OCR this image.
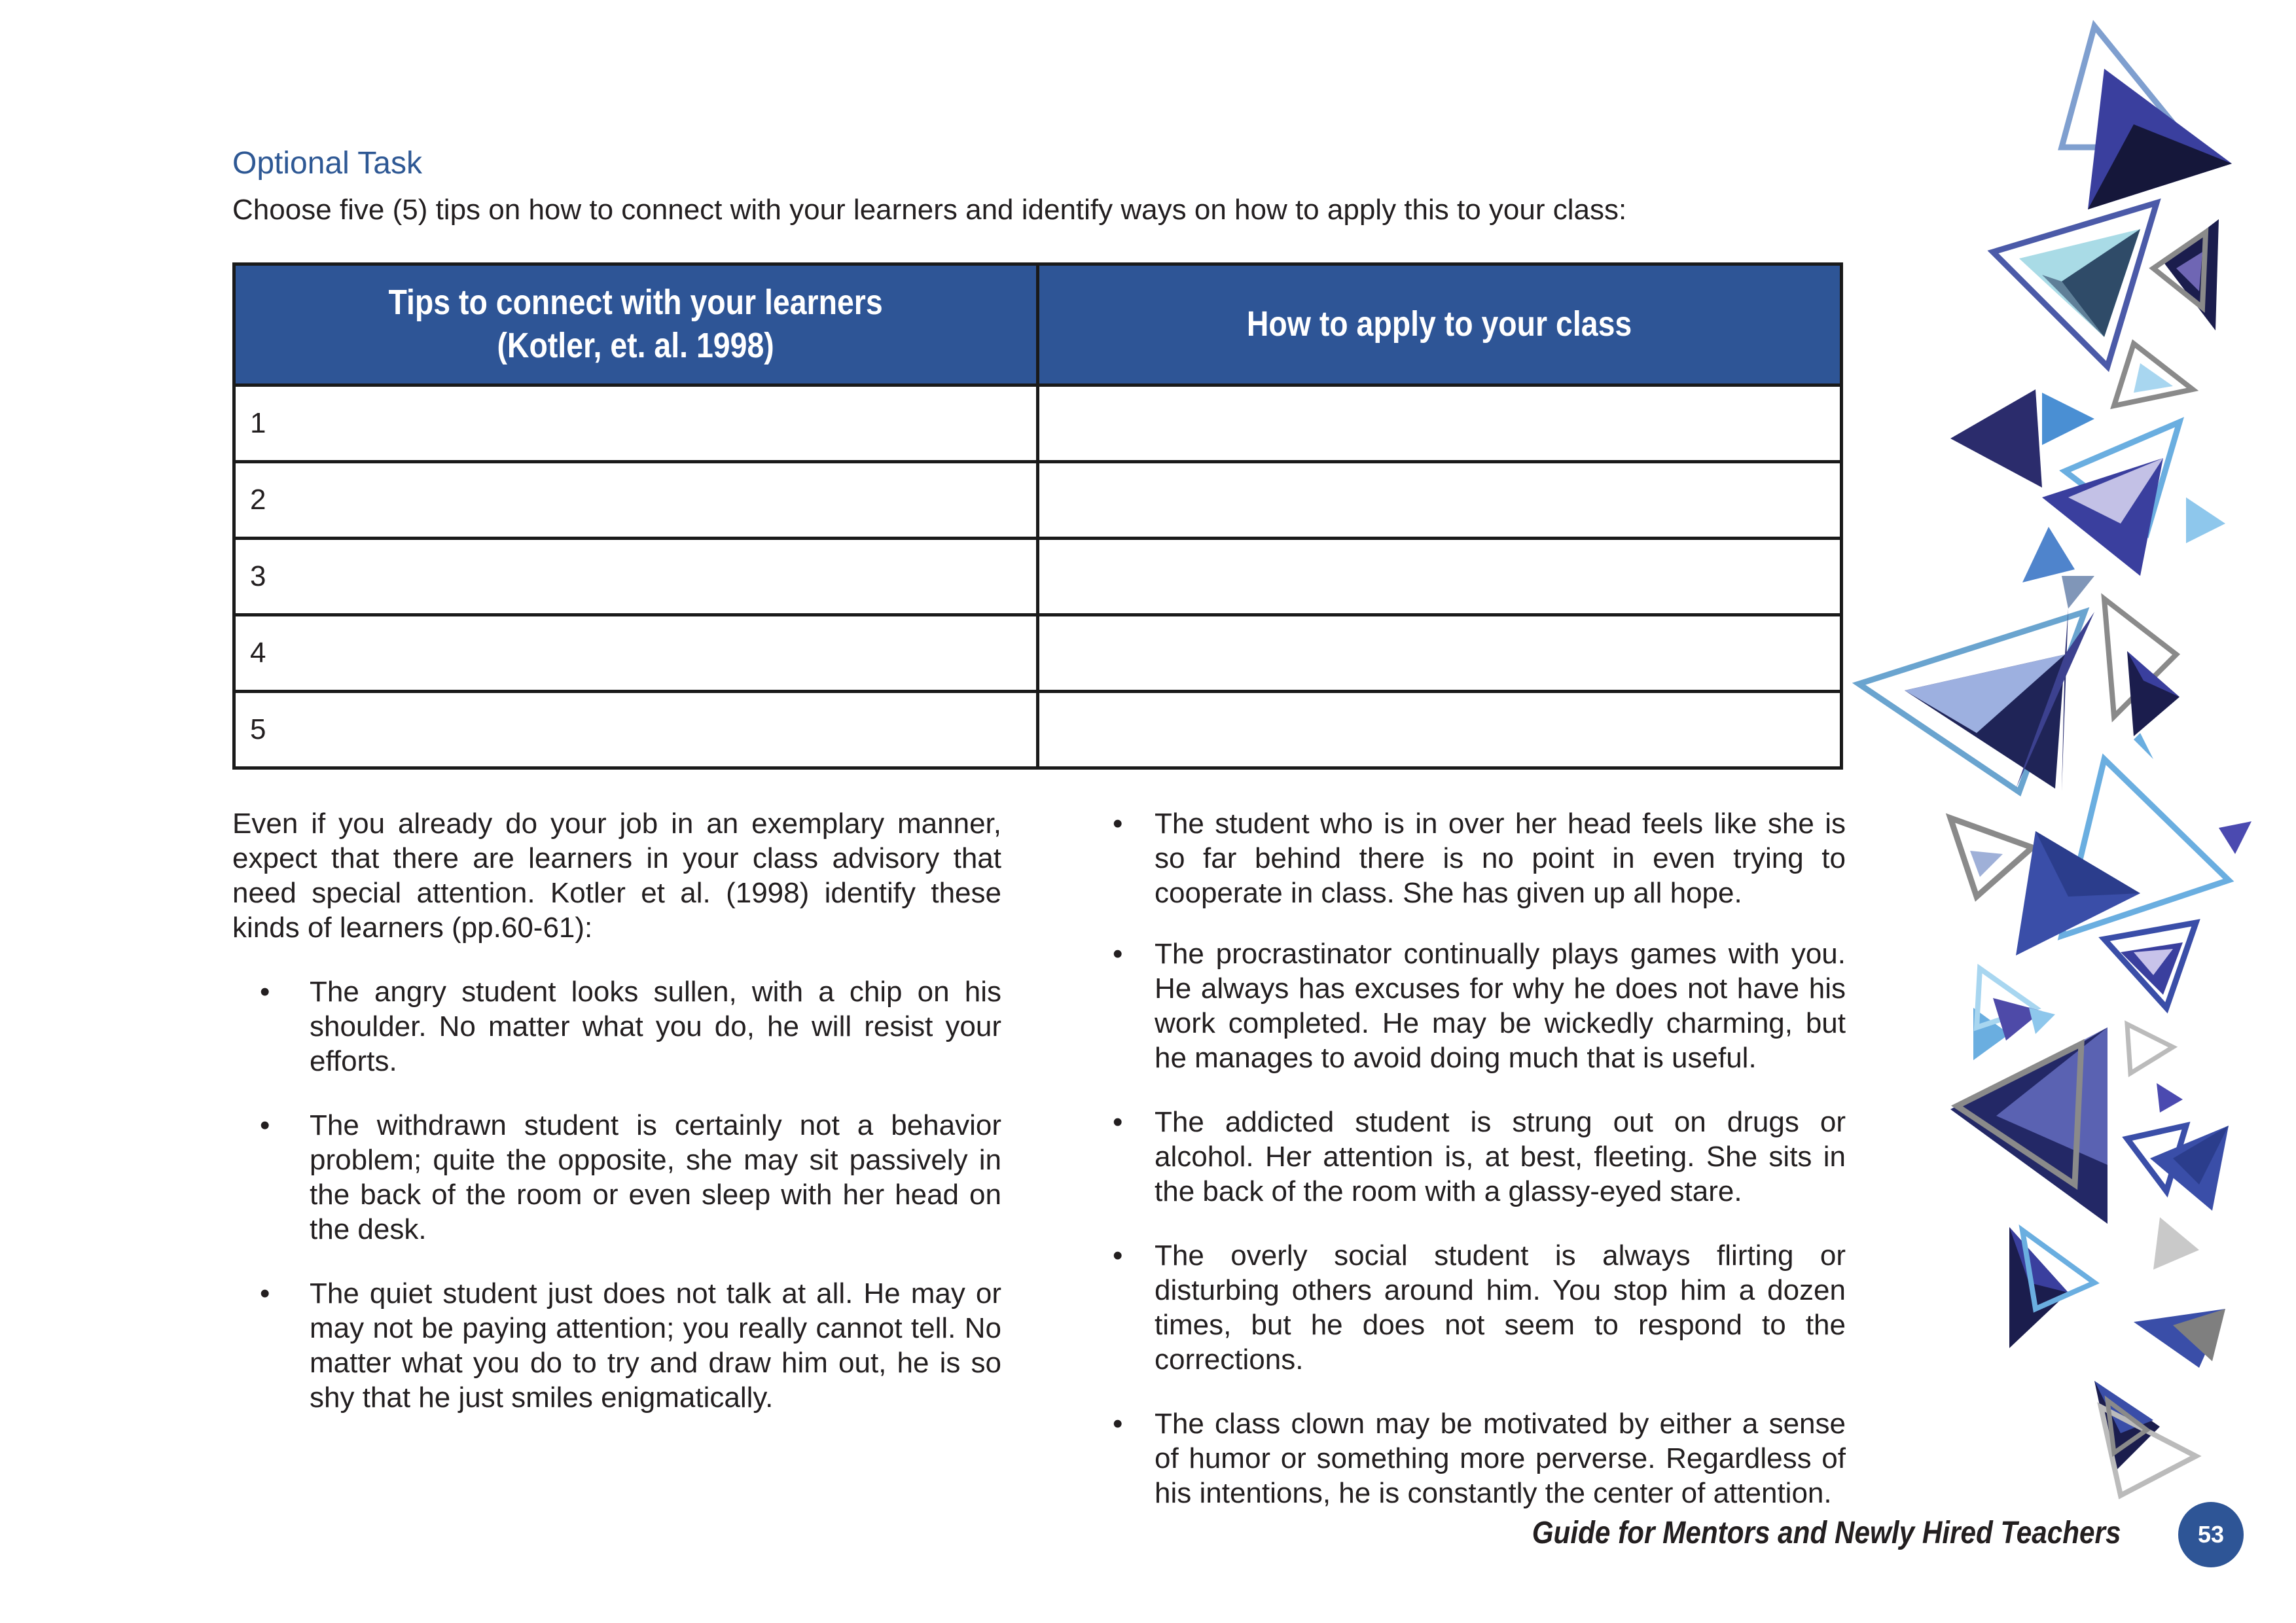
Optional Task
Choose five (5) tips on how to connect with your learners and identify ways on how to apply this to your class:
Tips to connect with your learners
(Kotler, et. al. 1998)	How to apply to your class
1	
2	
3	
4	
5	

Even if you already do your job in an exemplary manner, expect that there are learners in your class advisory that need special attention. Kotler et al. (1998) identify these kinds of learners (pp.60-61):

• The angry student looks sullen, with a chip on his shoulder. No matter what you do, he will resist your efforts.
• The withdrawn student is certainly not a behavior problem; quite the opposite, she may sit passively in the back of the room or even sleep with her head on the desk.
• The quiet student just does not talk at all. He may or may not be paying attention; you really cannot tell. No matter what you do to try and draw him out, he is so shy that he just smiles enigmatically.
• The student who is in over her head feels like she is so far behind there is no point in even trying to cooperate in class. She has given up all hope.
• The procrastinator continually plays games with you. He always has excuses for why he does not have his work completed. He may be wickedly charming, but he manages to avoid doing much that is useful.
• The addicted student is strung out on drugs or alcohol. Her attention is, at best, fleeting. She sits in the back of the room with a glassy-eyed stare.
• The overly social student is always flirting or disturbing others around him. You stop him a dozen times, but he does not seem to respond to the corrections.
• The class clown may be motivated by either a sense of humor or something more perverse. Regardless of his intentions, he is constantly the center of attention.
Guide for Mentors and Newly Hired Teachers	53
